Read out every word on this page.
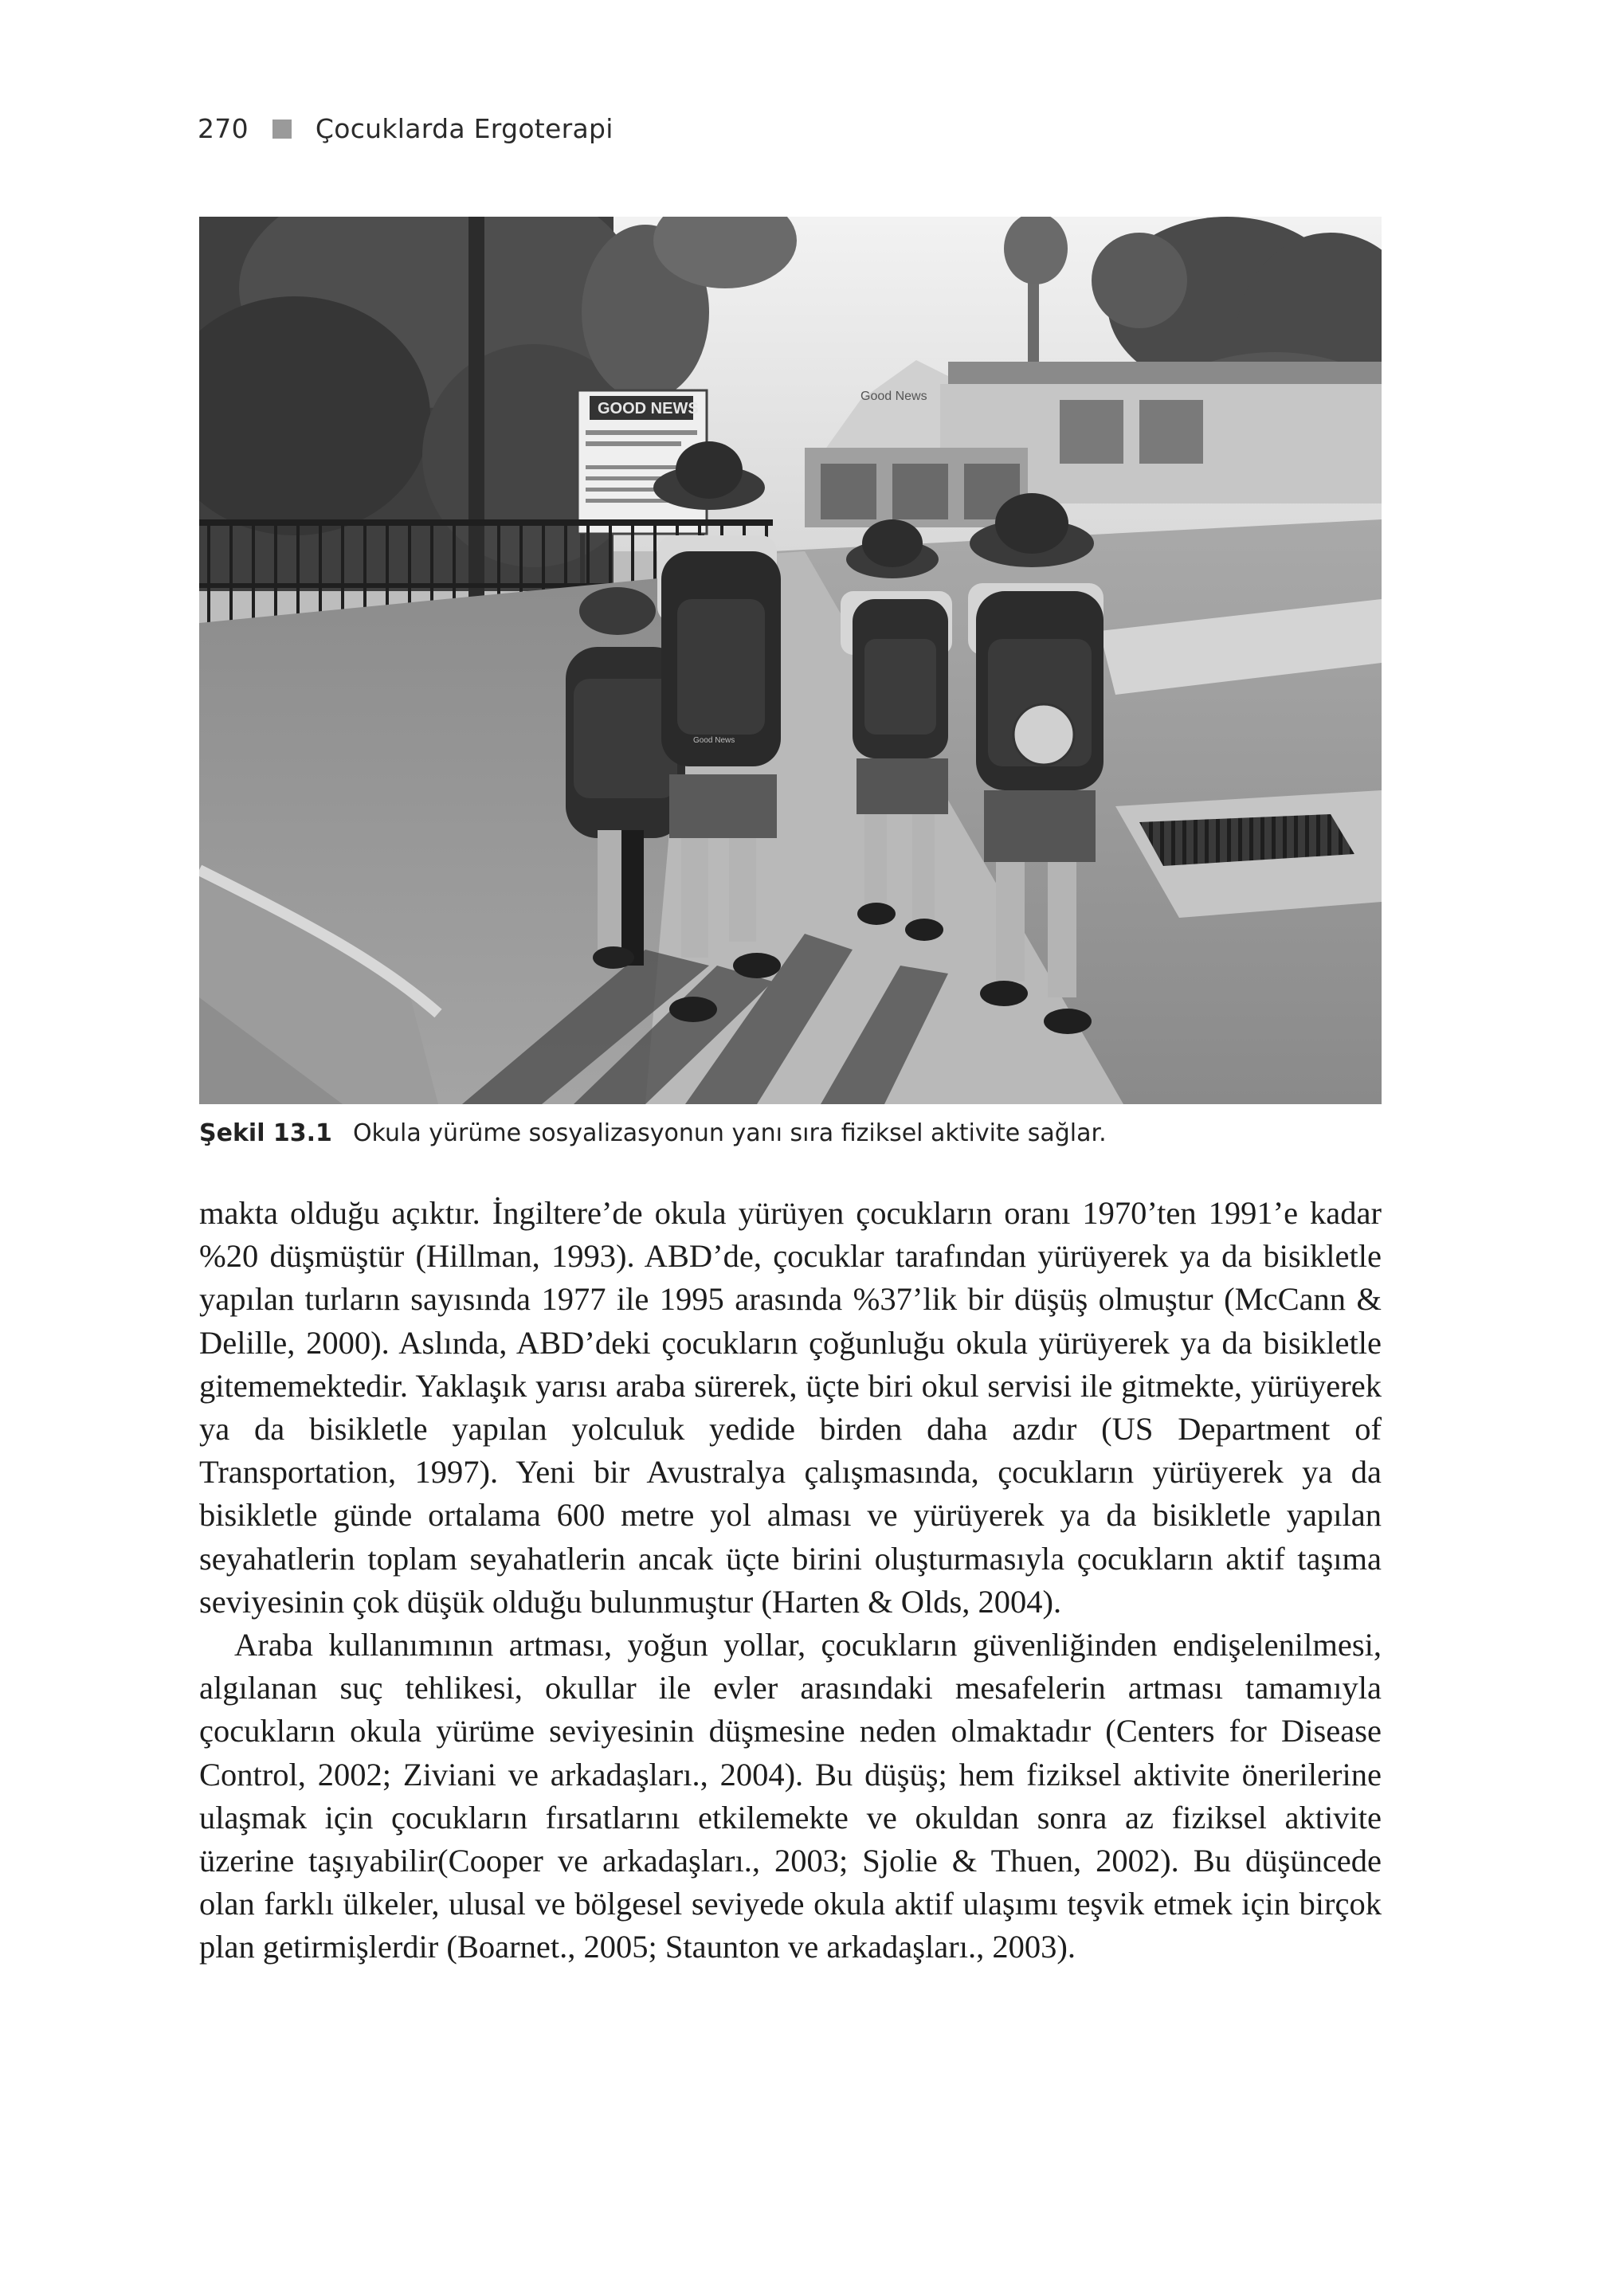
270	Çocuklarda Ergoterapi
Good News
GOOD NEWS
Good News
Şekil 13.1 Okula yürüme sosyalizasyonun yanı sıra fiziksel aktivite sağlar.

makta olduğu açıktır. İngiltere’de okula yürüyen çocukların oranı 1970’ten 1991’e kadar %20 düşmüştür (Hillman, 1993). ABD’de, çocuklar tarafından yürüyerek ya da bisikletle yapılan turların sayısında 1977 ile 1995 arasında %37’lik bir düşüş olmuştur (McCann & Delille, 2000). Aslında, ABD’deki çocukların çoğunluğu okula yürüyerek ya da bisikletle gitememektedir. Yaklaşık yarısı araba sürerek, üçte biri okul servisi ile gitmekte, yürüyerek ya da bisikletle yapılan yolculuk yedide birden daha azdır (US Department of Transportation, 1997). Yeni bir Avustralya çalışmasında, çocukların yürüyerek ya da bisikletle günde ortalama 600 metre yol alması ve yürüyerek ya da bisikletle yapılan seyahatlerin toplam seyahatlerin ancak üçte birini oluşturmasıyla çocukların aktif taşıma seviyesinin çok düşük olduğu bulunmuştur (Harten & Olds, 2004).

Araba kullanımının artması, yoğun yollar, çocukların güvenliğinden endişelenilmesi, algılanan suç tehlikesi, okullar ile evler arasındaki mesafelerin artması tamamıyla çocukların okula yürüme seviyesinin düşmesine neden olmaktadır (Centers for Disease Control, 2002; Ziviani ve arkadaşları., 2004). Bu düşüş; hem fiziksel aktivite önerilerine ulaşmak için çocukların fırsatlarını etkilemekte ve okuldan sonra az fiziksel aktivite üzerine taşıyabilir(Cooper ve arkadaşları., 2003; Sjolie & Thuen, 2002). Bu düşüncede olan farklı ülkeler, ulusal ve bölgesel seviyede okula aktif ulaşımı teşvik etmek için birçok plan getirmişlerdir (Boarnet., 2005; Staunton ve arkadaşları., 2003).
